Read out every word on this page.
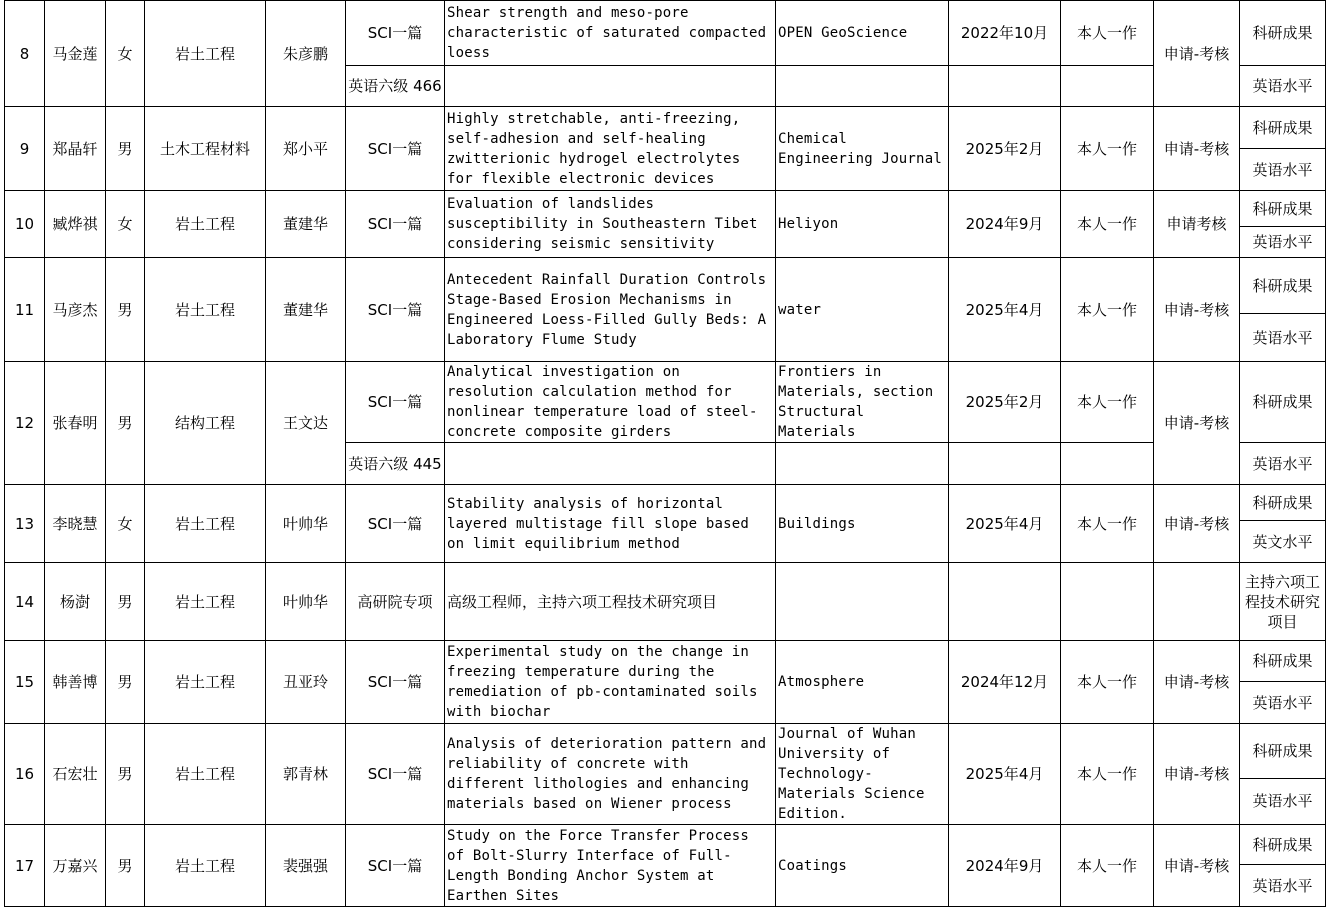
8	马金莲	女	岩土工程	朱彦鹏	SCI一篇	Shear strength and meso-pore characteristic of saturated compacted loess	OPEN GeoScience	2022年10月	本人一作	申请-考核	科研成果
					英语六级 466						英语水平
9	郑晶轩	男	土木工程材料	郑小平	SCI一篇	Highly stretchable, anti-freezing, self-adhesion and self-healing zwitterionic hydrogel electrolytes for flexible electronic devices	Chemical Engineering Journal	2025年2月	本人一作	申请-考核	科研成果
											英语水平
10	臧烨祺	女	岩土工程	董建华	SCI一篇	Evaluation of landslides susceptibility in Southeastern Tibet considering seismic sensitivity	Heliyon	2024年9月	本人一作	申请考核	科研成果
											英语水平
11	马彦杰	男	岩土工程	董建华	SCI一篇	Antecedent Rainfall Duration Controls Stage-Based Erosion Mechanisms in Engineered Loess-Filled Gully Beds: A Laboratory Flume Study	water	2025年4月	本人一作	申请-考核	科研成果
											英语水平
12	张春明	男	结构工程	王文达	SCI一篇	Analytical investigation on resolution calculation method for nonlinear temperature load of steel-concrete composite girders	Frontiers in Materials, section Structural Materials	2025年2月	本人一作	申请-考核	科研成果
					英语六级 445						英语水平
13	李晓慧	女	岩土工程	叶帅华	SCI一篇	Stability analysis of horizontal layered multistage fill slope based on limit equilibrium method	Buildings	2025年4月	本人一作	申请-考核	科研成果
											英文水平
14	杨澍	男	岩土工程	叶帅华	高研院专项	高级工程师，主持六项工程技术研究项目					主持六项工程技术研究项目
15	韩善博	男	岩土工程	丑亚玲	SCI一篇	Experimental study on the change in freezing temperature during the remediation of pb-contaminated soils with biochar	Atmosphere	2024年12月	本人一作	申请-考核	科研成果
											英语水平
16	石宏壮	男	岩土工程	郭青林	SCI一篇	Analysis of deterioration pattern and reliability of concrete with different lithologies and enhancing materials based on Wiener process	Journal of Wuhan University of Technology-Materials Science Edition.	2025年4月	本人一作	申请-考核	科研成果
											英语水平
17	万嘉兴	男	岩土工程	裴强强	SCI一篇	Study on the Force Transfer Process of Bolt-Slurry Interface of Full-Length Bonding Anchor System at Earthen Sites	Coatings	2024年9月	本人一作	申请-考核	科研成果
											英语水平
